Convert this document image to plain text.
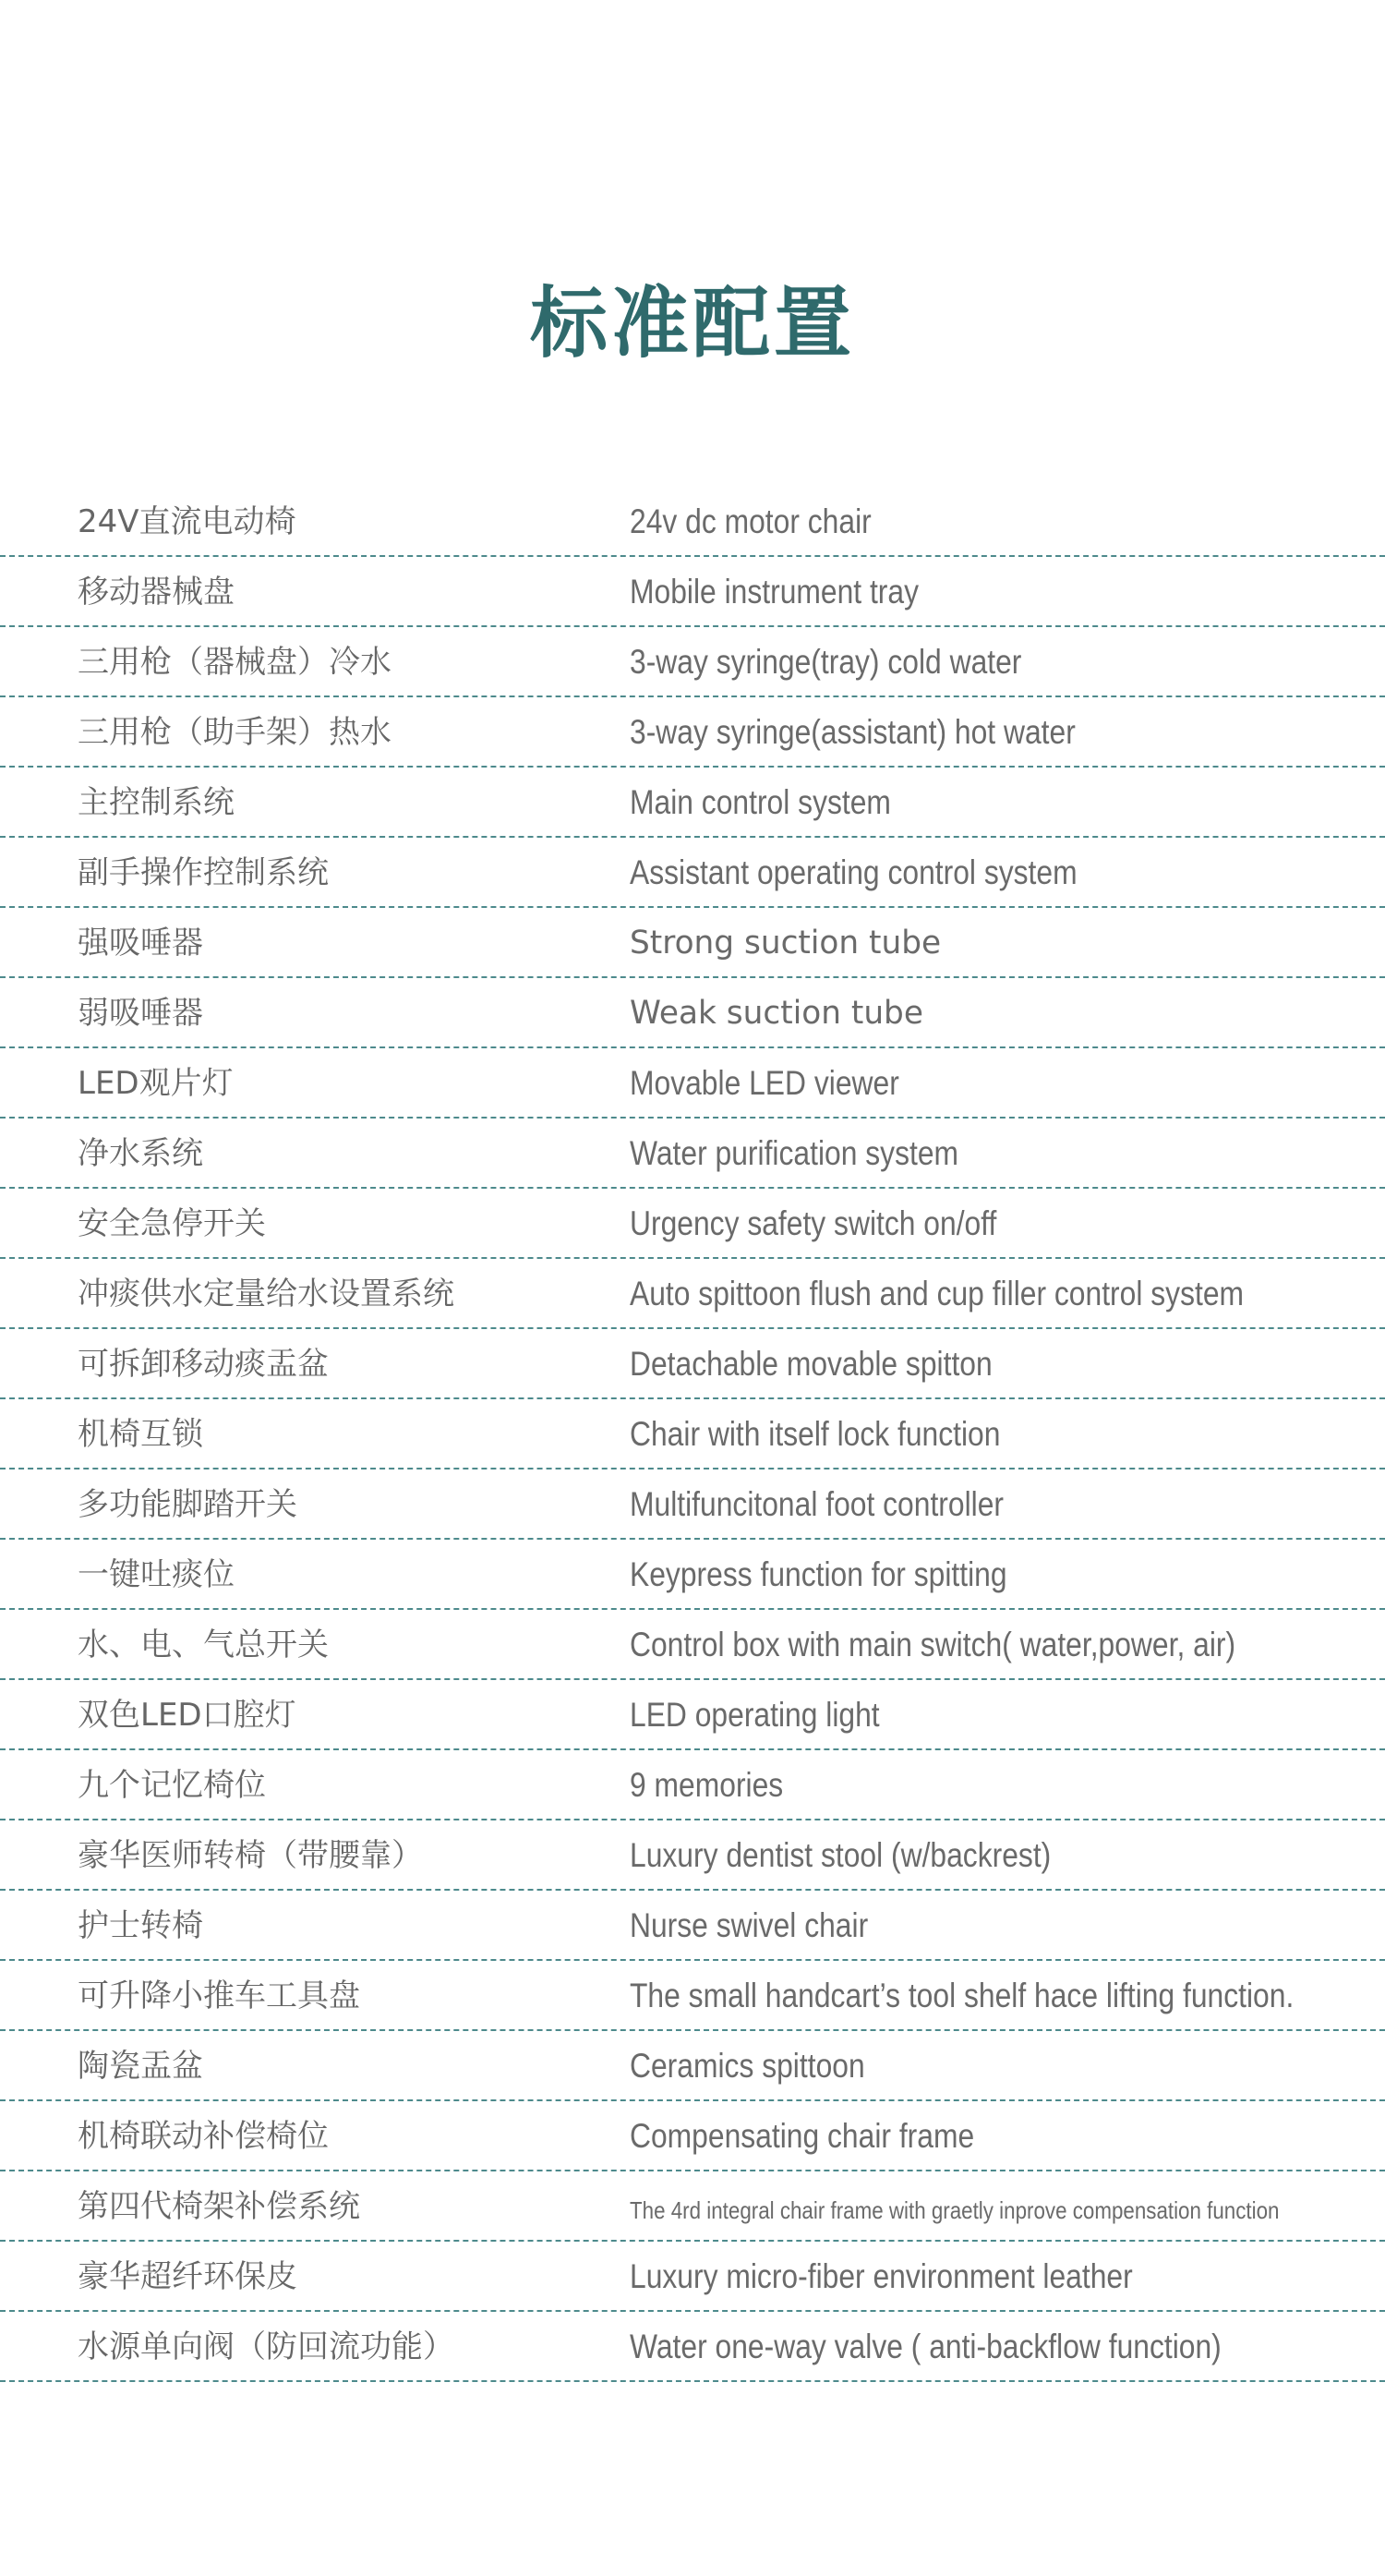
标准配置
24V直流电动椅	24v dc motor chair
移动器械盘	Mobile instrument tray
三用枪（器械盘）冷水	3-way syringe(tray) cold water
三用枪（助手架）热水	3-way syringe(assistant) hot water
主控制系统	Main control system
副手操作控制系统	Assistant operating control system
强吸唾器	Strong suction tube
弱吸唾器	Weak suction tube
LED观片灯	Movable LED viewer
净水系统	Water purification system
安全急停开关	Urgency safety switch on/off
冲痰供水定量给水设置系统	Auto spittoon flush and cup filler control system
可拆卸移动痰盂盆	Detachable movable spitton
机椅互锁	Chair with itself lock function
多功能脚踏开关	Multifuncitonal foot controller
一键吐痰位	Keypress function for spitting
水、电、气总开关	Control box with main switch( water,power, air)
双色LED口腔灯	LED operating light
九个记忆椅位	9 memories
豪华医师转椅（带腰靠）	Luxury dentist stool (w/backrest)
护士转椅	Nurse swivel chair
可升降小推车工具盘	The small handcart’s tool shelf hace lifting function.
陶瓷盂盆	Ceramics spittoon
机椅联动补偿椅位	Compensating chair frame
第四代椅架补偿系统	The 4rd integral chair frame with graetly inprove compensation function
豪华超纤环保皮	Luxury micro-fiber environment leather
水源单向阀（防回流功能）	Water one-way valve ( anti-backflow function)
